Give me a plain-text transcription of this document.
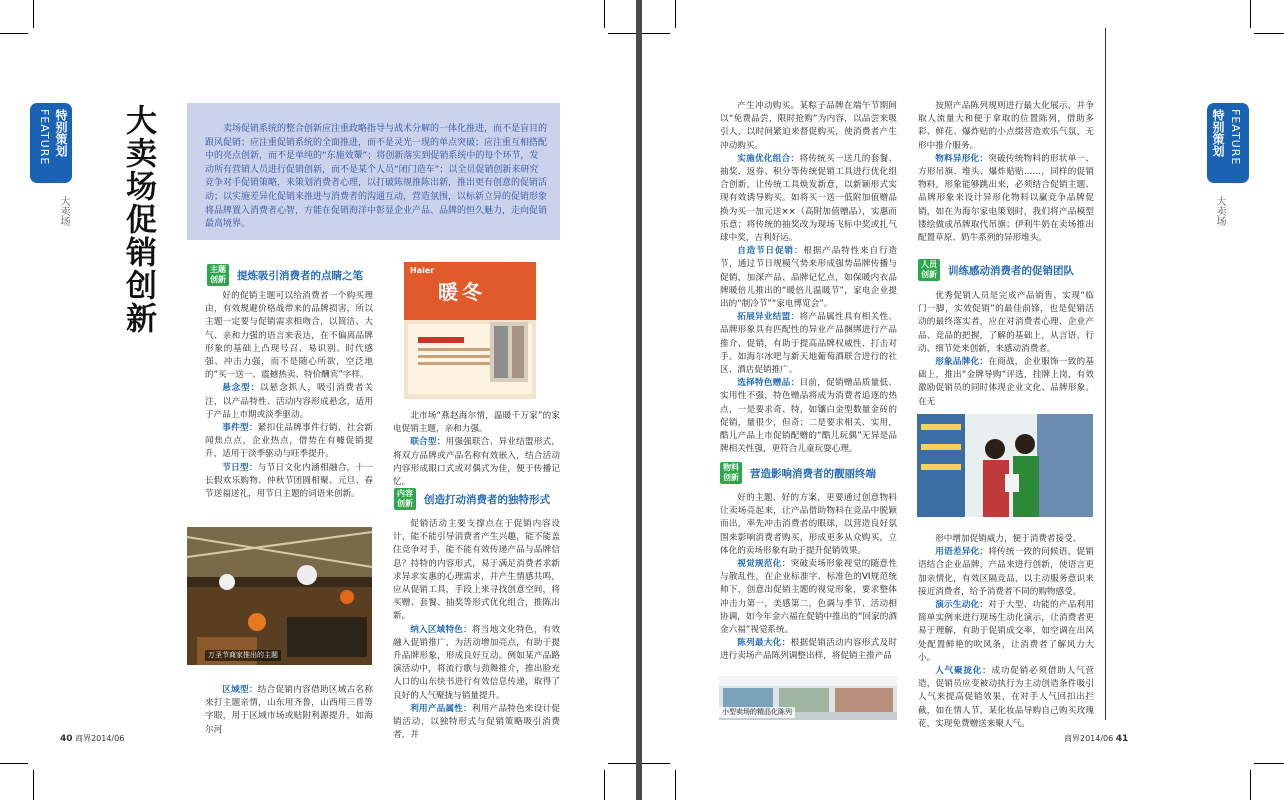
特别策划
FEATURE
大卖场 大卖场促销创新	卖场促销系统的整合创新应注重政略指导与战术分解的一体化推进，而不是盲目的跟风促销；应注重促销系统的全面推进，而不是灵光一现的单点突破；应注重互相搭配中的亮点创新，而不是单纯的“东施效颦”；将创新落实到促销系统中的每个环节，发动所有营销人员进行促销创新，而不是某个人员“闭门造车”；以全员促销创新来研究竞争对手促销策略，来策划消费者心理，以打破陈规推陈出新，推出更有创意的促销活动；以实施差异化促销来推进与消费者的沟通互动，营造氛围，以标新立异的促销形象将品牌置入消费者心智，方能在促销海洋中彰显企业产品、品牌的恒久魅力，走向促销最高境界。

主题创新 提炼吸引消费者的点睛之笔
好的促销主题可以给消费者一个购买理由，有效规避价格战带来的品牌损害，所以主题一定要与促销需求相吻合，以简洁、大气、亲和力强的语言来表达，在不偏离品牌形象的基础上凸现号召、易识别、时代感强、冲击力强，而不是随心所欲，空泛地的“买一送一、震撼热卖、特价酬宾”字样。
悬念型：以悬念抓人，吸引消费者关注，以产品特性、活动内容形成悬念，适用于产品上市期或淡季驱动。
事件型：紧扣住品牌事件行销、社会新闻焦点点，企业热点，借势在有噱促销提升，适用于淡季驱动与旺季提升。
节日型：与节日文化内涵相融合，十一长假欢乐购物、仲秋节团圆相聚、元旦、春节送福送礼，用节日主题的词语来创新。
万圣节商家推出的主题
区域型：结合促销内容借助区域古名称来打主题亲情，山东用齐鲁，山西用三晋等字眼，用于区域市场或贴附利源提升，如海尔河
Haier
暖冬
北市场“燕赵海尔情，温暖千万家”的家电促销主题，亲和力强。
联合型：用强强联合、异业结盟形式，将双方品牌或产品名称有效嵌入，结合活动内容形成眼口式或对偶式为佳，便于传播记忆。
内容创新 创造打动消费者的独特形式
促销活动主要支撑点在于促销内容设计，能不能引导消费者产生兴趣，能不能盖住竞争对手，能不能有效传递产品与品牌信息？持特的内容形式，易于满足消费者求新求异求实惠的心理需求，并产生情感共鸣，应从促销工具，手段上来寻找创意空间，将买赠、套餐、抽奖等形式优化组合，推陈出新。
纳入区域特色：将当地文化特色，有效融入促销推广，为活动增加亮点，有助于提升品牌形象，形成良好互动。例如某产品路演活动中，将流行歌与劲舞推介，推出脸充人口的山东快书进行有效信息传递，取得了良好的人气聚拢与销量提升。
利用产品属性：利用产品特色来设计促销活动，以独特形式与促销策略吸引消费者，并
40 商界2014/06
特别策划 FEATURE
大卖场
产生冲动购买。某粽子品牌在端午节期间以“免费品尝，限时抢购”为内容，以品尝来吸引人，以时间紧迫来督促购买，使消费者产生冲动购买。
实施优化组合：将传统买一送几的套餐、抽奖、返券、积分等传统促销工具进行优化组合创新，让传统工具焕发新意，以新颖形式实现有效诱导购买。如将买一送一低附加值赠品换为买一加元送××（高附加值赠品），实惠而乐意；将传统的抽奖改为现场飞标中奖或扎气球中奖，吉利好运。
自造节日促销：根据产品特性来自行造节，通过节日规模气势来形成强势品牌传播与促销，加深产品、品牌记忆点，如保暖内衣品牌暖倍儿推出的“暖倍儿温暖节”，家电企业提出的“制冷节”“家电博览会”。
拓展异业结盟：将产品属性具有相关性、品牌形象具有匹配性的异业产品捆绑进行产品推介、促销，有助于提高品牌权威性、打击对手。如海尔冰吧与新天地葡萄酒联合进行的社区、酒店促销推广。
选择特色赠品：目前，促销赠品质量低、实用性不强，特色赠品将成为消费者追逐的热点，一是要求奇、特，如镶白金型数量金砖的促销，量很少，但奇；二是要求相关、实用，酷儿产品上市促销配赠的“酷儿玩偶”无异是品牌相关性强，更符合儿童玩耍心理。
物料创新 营造影响消费者的靓丽终端
好的主题、好的方案，更要通过创意物料让卖场亮起来，让产品借助物料在竞品中脱颖而出，率先冲击消费者的眼球，以营造良好氛围来影响消费者购买，形成更多从众购买，立体化的卖场形象有助于提升促销效果。
视觉规范化：突破卖场形象视觉的随意性与散乱性，在企业标准字、标准色的VI规范统帅下，创意出促销主题的视觉形象，要求整体冲击力第一，美感第二，色调与季节、活动相协调，如今年金六福在促销中推出的“回家的酒金六福”视觉系统。
陈列最大化：根据促销活动内容形式及时进行卖场产品陈列调整出样，将促销主推产品
小型卖场的精品化陈列
按照产品陈列规则进行最大化展示，并争取人流量大和便于拿取的位置陈列，借助多彩、鲜花、爆炸贴的小点缀营造欢乐气氛，无形中推介服务。
物料异形化：突破传统物料的形状单一、方形吊旗、堆头、爆炸贴贴……，同样的促销物料，形象能够跳出来，必须结合促销主题、品牌形象来设计异形化物料以赢竞争品牌促销，如在为海尔家电策划时，我们将产品模型镂绘做成吊牌取代吊旗；伊利牛奶在卖场推出配置草原、奶牛系列的异形堆头。
人员创新 训练感动消费者的促销团队
优秀促销人员是完成产品销售、实现“临门一脚，实效促销”的最佳前锋，也是促销活动的最终落实者，应在对消费者心理、企业产品、竞品的把握，了解的基础上，从言语、行动、细节处来创新，来感动消费者。
形象品牌化：在商战，企业服饰一致的基础上，推出“金牌导购”评选，挂牌上岗，有效激励促销员的同时体现企业文化、品牌形象。在无
形中增加促销威力，便于消费者接受。
用语差异化：将传统一致的问候语，促销语结合企业品牌，产品来进行创新，使语言更加亲情化，有效区隔竞品，以主动服务意识来接近消费者，给予消费者不同的购物感受。
演示生动化：对于大型、功能的产品利用简单实例来进行现场生动化演示，让消费者更易于理解，有助于促销成交率，如空调在出风处配置鲜艳的吹风条，让消费者了解风力大小。
人气聚拢化：成功促销必须借助人气营造，促销员应变被动执行为主动创造条件吸引人气来提高促销效果，在对手人气回扣出拦截，如在情人节，某化妆品导购自己购买玫瑰花，实现免费赠送来聚人气。
商界2014/06 41
